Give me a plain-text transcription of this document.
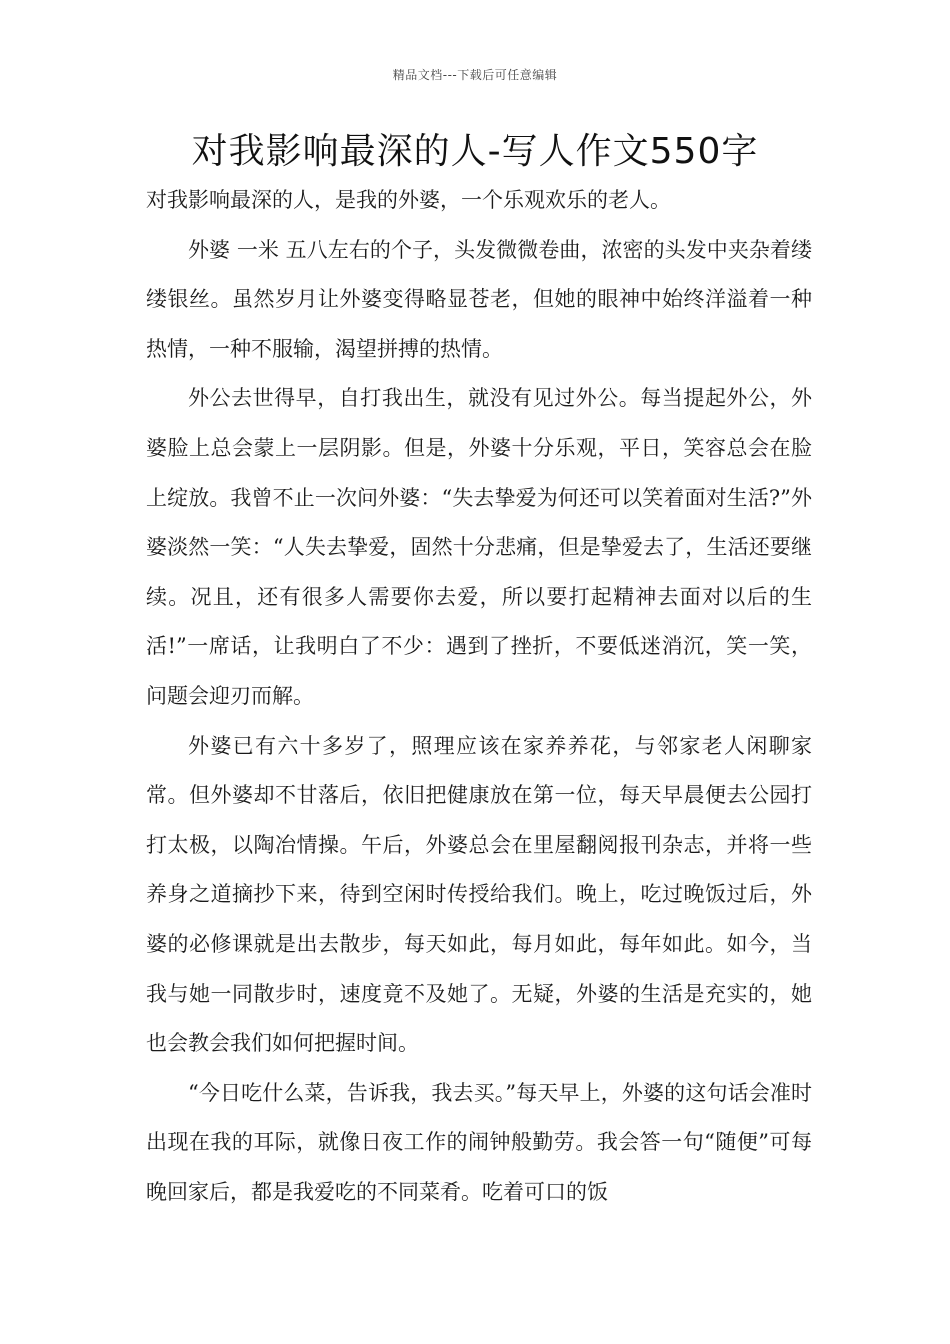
精品文档---下载后可任意编辑
对我影响最深的人-写人作文550字

对我影响最深的人，是我的外婆，一个乐观欢乐的老人。

外婆 一米 五八左右的个子，头发微微卷曲，浓密的头发中夹杂着缕缕银丝。虽然岁月让外婆变得略显苍老，但她的眼神中始终洋溢着一种热情，一种不服输，渴望拼搏的热情。

外公去世得早，自打我出生，就没有见过外公。每当提起外公，外婆脸上总会蒙上一层阴影。但是，外婆十分乐观，平日，笑容总会在脸上绽放。我曾不止一次问外婆：“失去挚爱为何还可以笑着面对生活?”外婆淡然一笑：“人失去挚爱，固然十分悲痛，但是挚爱去了，生活还要继续。况且，还有很多人需要你去爱，所以要打起精神去面对以后的生活!”一席话，让我明白了不少：遇到了挫折，不要低迷消沉，笑一笑，问题会迎刃而解。

外婆已有六十多岁了，照理应该在家养养花，与邻家老人闲聊家常。但外婆却不甘落后，依旧把健康放在第一位，每天早晨便去公园打打太极，以陶冶情操。午后，外婆总会在里屋翻阅报刊杂志，并将一些养身之道摘抄下来，待到空闲时传授给我们。晚上，吃过晚饭过后，外婆的必修课就是出去散步，每天如此，每月如此，每年如此。如今，当我与她一同散步时，速度竟不及她了。无疑，外婆的生活是充实的，她也会教会我们如何把握时间。

“今日吃什么菜，告诉我，我去买。”每天早上，外婆的这句话会准时出现在我的耳际，就像日夜工作的闹钟般勤劳。我会答一句“随便”可每晚回家后，都是我爱吃的不同菜肴。吃着可口的饭
